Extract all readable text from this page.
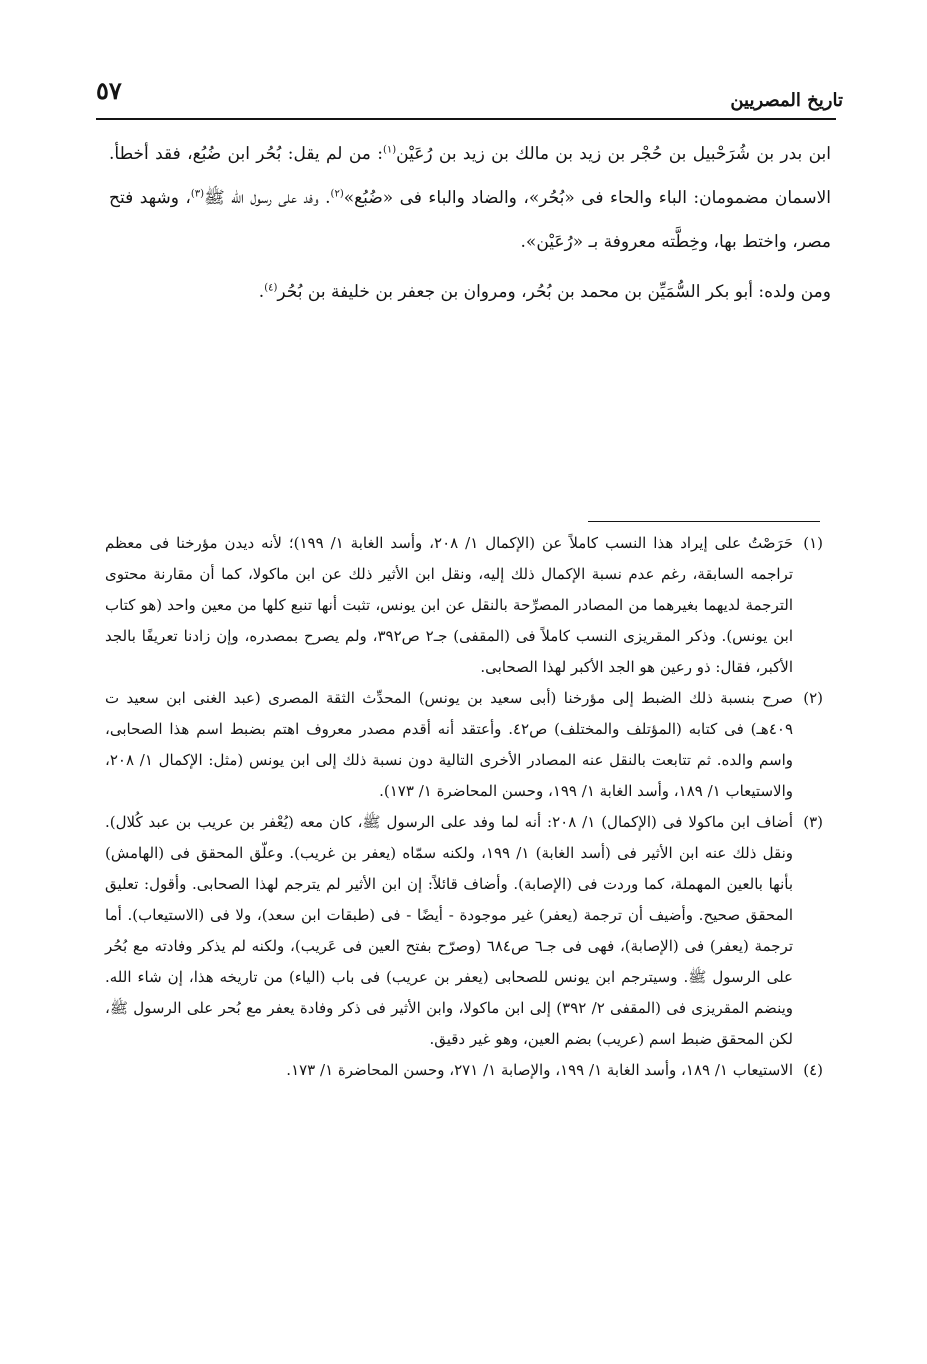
تاريخ المصريين
٥٧

ابن بدر بن شُرَحْبيل بن حُجْر بن زيد بن مالك بن زيد بن رُعَيْن$^{(١)}$: من لم يقل: بُحُر ابن ضُبُع، فقد أخطأ. الاسمان مضمومان: الباء والحاء فى «بُحُر»، والضاد والباء فى «ضُبُع»$^{(٢)}$. وفد على رسول الله ﷺ$^{(٣)}$، وشهد فتح مصر، واختط بها، وخِطَّته معروفة بـ «رُعَيْن».

ومن ولده: أبو بكر السُّمَيِّن بن محمد بن بُحُر، ومروان بن جعفر بن خليفة بن بُحُر$^{(٤)}$.

(١)
حَرَصْتُ على إيراد هذا النسب كاملاً عن (الإكمال ١/ ٢٠٨، وأسد الغابة ١/ ١٩٩)؛ لأنه ديدن مؤرخنا فى معظم تراجمه السابقة، رغم عدم نسبة الإكمال ذلك إليه، ونقل ابن الأثير ذلك عن ابن ماكولا، كما أن مقارنة محتوى الترجمة لديهما بغيرهما من المصادر المصرِّحة بالنقل عن ابن يونس، تثبت أنها تنبع كلها من معين واحد (هو كتاب ابن يونس). وذكر المقريزى النسب كاملاً فى (المقفى) جـ٢ ص٣٩٢، ولم يصرح بمصدره، وإن زادنا تعريفًا بالجد الأكبر، فقال: ذو رعين هو الجد الأكبر لهذا الصحابى.
(٢)
صرح بنسبة ذلك الضبط إلى مؤرخنا (أبى سعيد بن يونس) المحدِّث الثقة المصرى (عبد الغنى ابن سعيد ت ٤٠٩هـ) فى كتابه (المؤتلف والمختلف) ص٤٢. وأعتقد أنه أقدم مصدر معروف اهتم بضبط اسم هذا الصحابى، واسم والده. ثم تتابعت بالنقل عنه المصادر الأخرى التالية دون نسبة ذلك إلى ابن يونس (مثل: الإكمال ١/ ٢٠٨، والاستيعاب ١/ ١٨٩، وأسد الغابة ١/ ١٩٩، وحسن المحاضرة ١/ ١٧٣).
(٣)
أضاف ابن ماكولا فى (الإكمال) ١/ ٢٠٨: أنه لما وفد على الرسول ﷺ، كان معه (يُعْفر بن عريب بن عبد كُلال). ونقل ذلك عنه ابن الأثير فى (أسد الغابة) ١/ ١٩٩، ولكنه سمّاه (يعفر بن غريب). وعلّق المحقق فى (الهامش) بأنها بالعين المهملة، كما وردت فى (الإصابة). وأضاف قائلاً: إن ابن الأثير لم يترجم لهذا الصحابى. وأقول: تعليق المحقق صحيح. وأضيف أن ترجمة (يعفر) غير موجودة - أيضًا - فى (طبقات ابن سعد)، ولا فى (الاستيعاب). أما ترجمة (يعفر) فى (الإصابة)، فهى فى جـ٦ ص٦٨٤ (وصرّح بفتح العين فى عَريب)، ولكنه لم يذكر وفادته مع بُحُر على الرسول ﷺ. وسيترجم ابن يونس للصحابى (يعفر بن عريب) فى باب (الياء) من تاريخه هذا، إن شاء الله. وينضم المقريزى فى (المقفى ٢/ ٣٩٢) إلى ابن ماكولا، وابن الأثير فى ذكر وفادة يعفر مع بُحر على الرسول ﷺ، لكن المحقق ضبط اسم (عريب) بضم العين، وهو غير دقيق.
(٤)
الاستيعاب ١/ ١٨٩، وأسد الغابة ١/ ١٩٩، والإصابة ١/ ٢٧١، وحسن المحاضرة ١/ ١٧٣.
